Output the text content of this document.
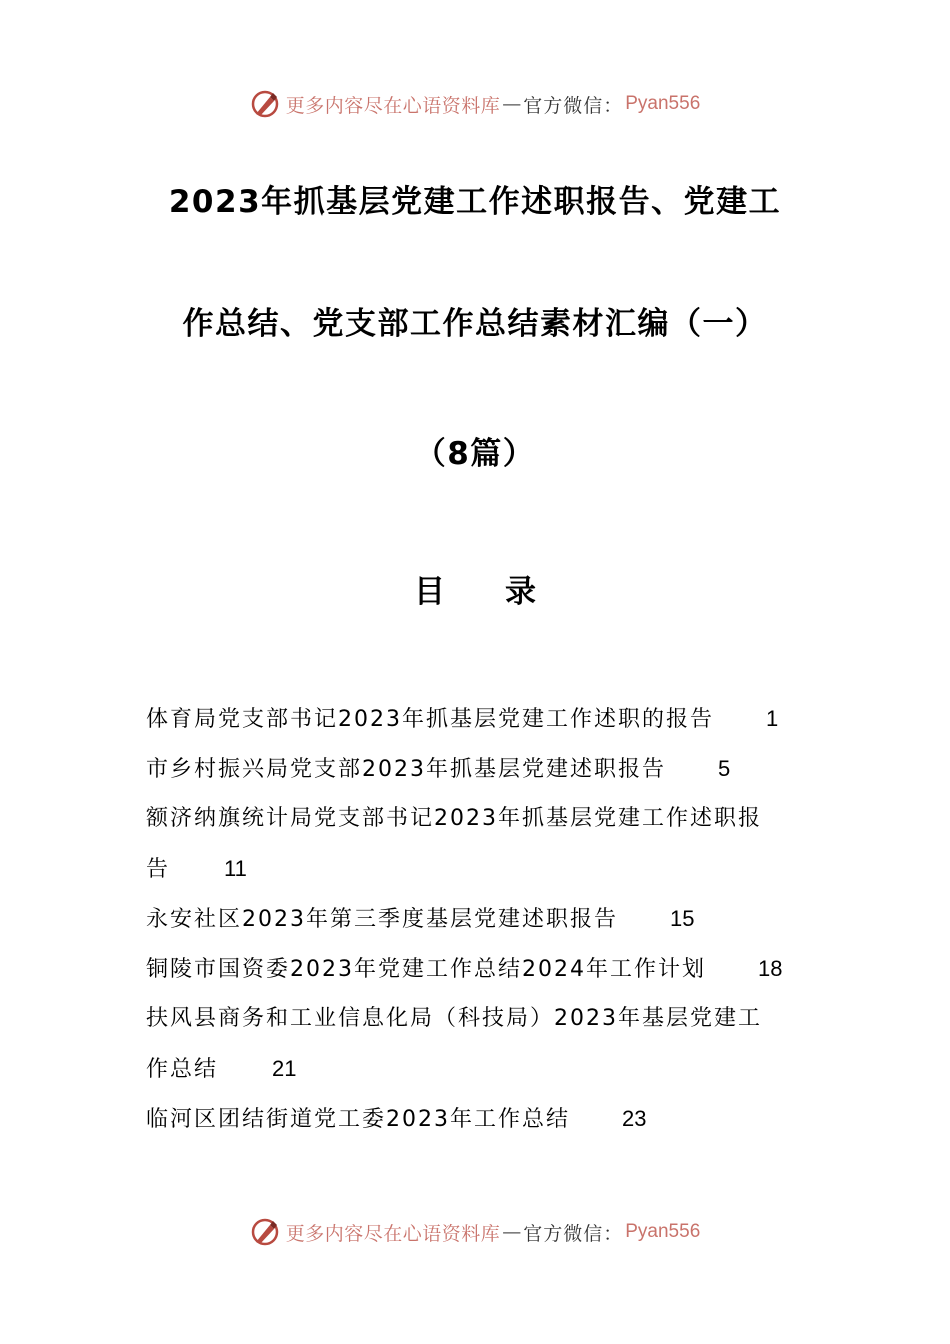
更多内容尽在心语资料库 — 官方微信： Pyan556
2023年抓基层党建工作述职报告、党建工
作总结、党支部工作总结素材汇编（一）
（8篇）
目 录
体育局党支部书记2023年抓基层党建工作述职的报告 1
市乡村振兴局党支部2023年抓基层党建述职报告 5
额济纳旗统计局党支部书记2023年抓基层党建工作述职报
告 11
永安社区2023年第三季度基层党建述职报告 15
铜陵市国资委2023年党建工作总结2024年工作计划 18
扶风县商务和工业信息化局（科技局）2023年基层党建工
作总结 21
临河区团结街道党工委2023年工作总结 23
更多内容尽在心语资料库 — 官方微信： Pyan556
